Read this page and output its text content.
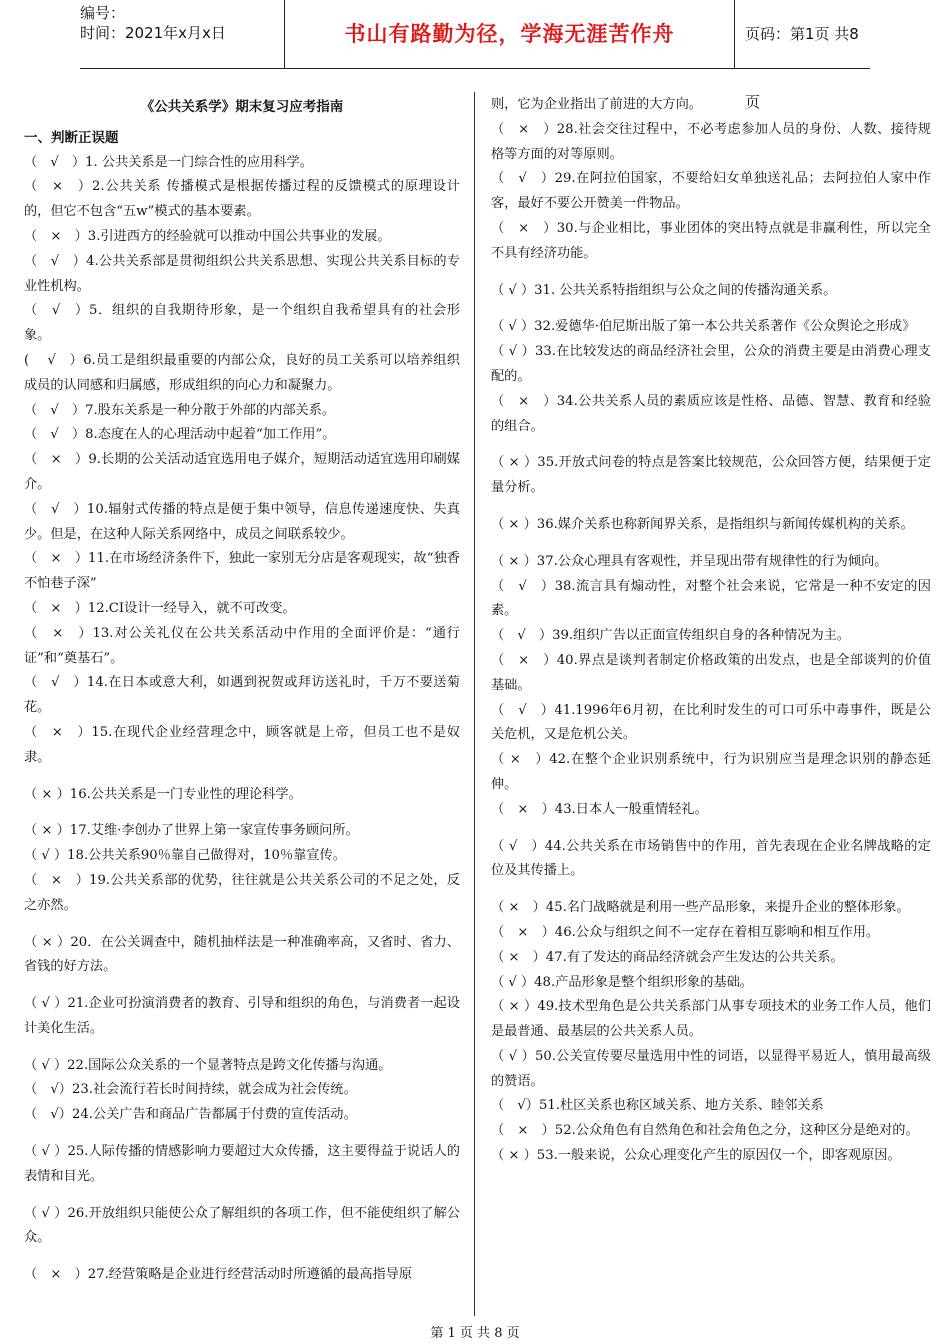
编号：
时间：2021年x月x日	书山有路勤为径，学海无涯苦作舟	页码：第1页 共8页
《公共关系学》期末复习应考指南
一、判断正误题
（　√　）1. 公共关系是一门综合性的应用科学。
（　×　）2.公共关系 传播模式是根据传播过程的反馈模式的原理设计的，但它不包含“五w”模式的基本要素。
（　×　）3.引进西方的经验就可以推动中国公共事业的发展。
（　√　）4.公共关系部是贯彻组织公共关系思想、实现公共关系目标的专业性机构。
（　√　）5．组织的自我期待形象，是一个组织自我希望具有的社会形象。
(　 √　）6.员工是组织最重要的内部公众，良好的员工关系可以培养组织成员的认同感和归属感，形成组织的向心力和凝聚力。
（　√　）7.股东关系是一种分散于外部的内部关系。
（　√　）8.态度在人的心理活动中起着“加工作用”。
（　×　）9.长期的公关活动适宜选用电子媒介，短期活动适宜选用印刷媒介。
（　√　）10.辐射式传播的特点是便于集中领导，信息传递速度快、失真少。但是，在这种人际关系网络中，成员之间联系较少。
（　×　）11.在市场经济条件下，独此一家别无分店是客观现实，故“独香不怕巷子深”
（　×　）12.CI设计一经导入，就不可改变。
（　×　）13.对公关礼仪在公共关系活动中作用的全面评价是：“通行证”和“奠基石”。
（　√　）14.在日本或意大利，如遇到祝贺或拜访送礼时，千万不要送菊花。
（　×　）15.在现代企业经营理念中，顾客就是上帝，但员工也不是奴隶。
（ × ）16.公共关系是一门专业性的理论科学。
（ × ）17.艾维·李创办了世界上第一家宣传事务顾问所。
（ √ ）18.公共关系90％靠自己做得对，10％靠宣传。
（　×　）19.公共关系部的优势，往往就是公共关系公司的不足之处，反之亦然。
（ × ）20．在公关调查中，随机抽样法是一种准确率高，又省时、省力、省钱的好方法。
（ √ ）21.企业可扮演消费者的教育、引导和组织的角色，与消费者一起设计美化生活。
（ √ ）22.国际公众关系的一个显著特点是跨文化传播与沟通。
（　√）23.社会流行若长时间持续，就会成为社会传统。
（　√）24.公关广告和商品广告都属于付费的宣传活动。
（ √ ）25.人际传播的情感影响力要超过大众传播，这主要得益于说话人的表情和目光。
（ √ ）26.开放组织只能使公众了解组织的各项工作，但不能使组织了解公众。
（　×　）27.经营策略是企业进行经营活动时所遵循的最高指导原
则，它为企业指出了前进的大方向。
（　×　）28.社会交往过程中，不必考虑参加人员的身份、人数、接待规格等方面的对等原则。
（　√　）29.在阿拉伯国家，不要给妇女单独送礼品；去阿拉伯人家中作客，最好不要公开赞美一件物品。
（　×　）30.与企业相比，事业团体的突出特点就是非赢利性，所以完全不具有经济功能。
（ √ ）31. 公共关系特指组织与公众之间的传播沟通关系。
（ √ ）32.爱德华·伯尼斯出版了第一本公共关系著作《公众舆论之形成》
（ √ ）33.在比较发达的商品经济社会里，公众的消费主要是由消费心理支配的。
（　×　）34.公共关系人员的素质应该是性格、品德、智慧、教育和经验的组合。
（ × ）35.开放式问卷的特点是答案比较规范，公众回答方便，结果便于定量分析。
（ × ）36.媒介关系也称新闻界关系，是指组织与新闻传媒机构的关系。
（ × ）37.公众心理具有客观性，并呈现出带有规律性的行为倾向。
（　√　）38.流言具有煽动性，对整个社会来说，它常是一种不安定的因素。
（　√　）39.组织广告以正面宣传组织自身的各种情况为主。
（　×　）40.界点是谈判者制定价格政策的出发点，也是全部谈判的价值基础。
（　√　）41.1996年6月初，在比利时发生的可口可乐中毒事件，既是公关危机，又是危机公关。
（ ×　）42.在整个企业识别系统中，行为识别应当是理念识别的静态延伸。
（　×　）43.日本人一般重情轻礼。
（ √　）44.公共关系在市场销售中的作用，首先表现在企业名牌战略的定位及其传播上。
（ ×　）45.名门战略就是利用一些产品形象，来提升企业的整体形象。
（　×　）46.公众与组织之间不一定存在着相互影响和相互作用。
（ ×　）47.有了发达的商品经济就会产生发达的公共关系。
（ √ ）48.产品形象是整个组织形象的基础。
（ × ）49.技术型角色是公共关系部门从事专项技术的业务工作人员，他们是最普通、最基层的公共关系人员。
（ √ ）50.公关宣传要尽量选用中性的词语，以显得平易近人，慎用最高级的赞语。
（　√）51.杜区关系也称区域关系、地方关系、睦邻关系
（　×　）52.公众角色有自然角色和社会角色之分，这种区分是绝对的。
（ × ）53.一般来说，公众心理变化产生的原因仅一个，即客观原因。
第 1 页 共 8 页
